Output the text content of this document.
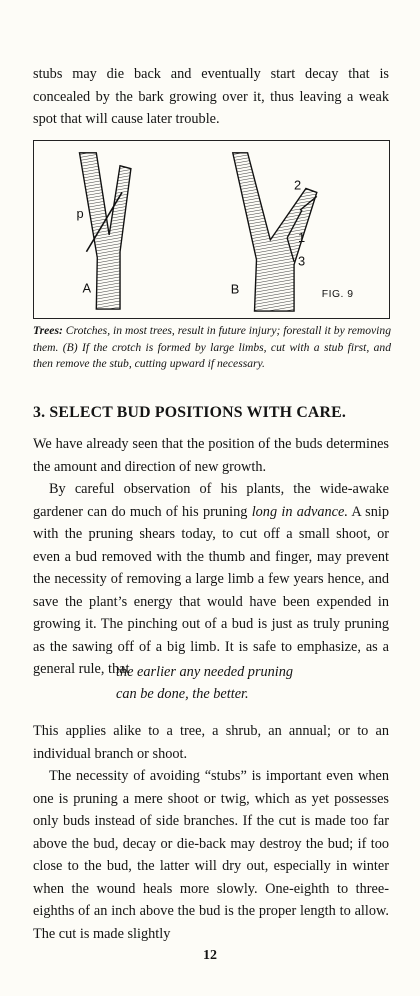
stubs may die back and eventually start decay that is concealed by the bark growing over it, thus leaving a weak spot that will cause later trouble.

A
p
B
2
1
3
FIG. 9

Trees: Crotches, in most trees, result in future injury; forestall it by removing them. (B) If the crotch is formed by large limbs, cut with a stub first, and then remove the stub, cutting upward if necessary.

3. SELECT BUD POSITIONS WITH CARE.

We have already seen that the position of the buds determines the amount and direction of new growth.

By careful observation of his plants, the wide-awake gardener can do much of his pruning long in advance. A snip with the pruning shears today, to cut off a small shoot, or even a bud removed with the thumb and finger, may prevent the necessity of removing a large limb a few years hence, and save the plant’s energy that would have been expended in growing it. The pinching out of a bud is just as truly pruning as the sawing off of a big limb. It is safe to emphasize, as a general rule, that

the earlier any needed pruning
can be done, the better.

This applies alike to a tree, a shrub, an annual; or to an individual branch or shoot.

The necessity of avoiding “stubs” is important even when one is pruning a mere shoot or twig, which as yet possesses only buds instead of side branches. If the cut is made too far above the bud, decay or die-back may destroy the bud; if too close to the bud, the latter will dry out, especially in winter when the wound heals more slowly. One-eighth to three-eighths of an inch above the bud is the proper length to allow. The cut is made slightly

12
